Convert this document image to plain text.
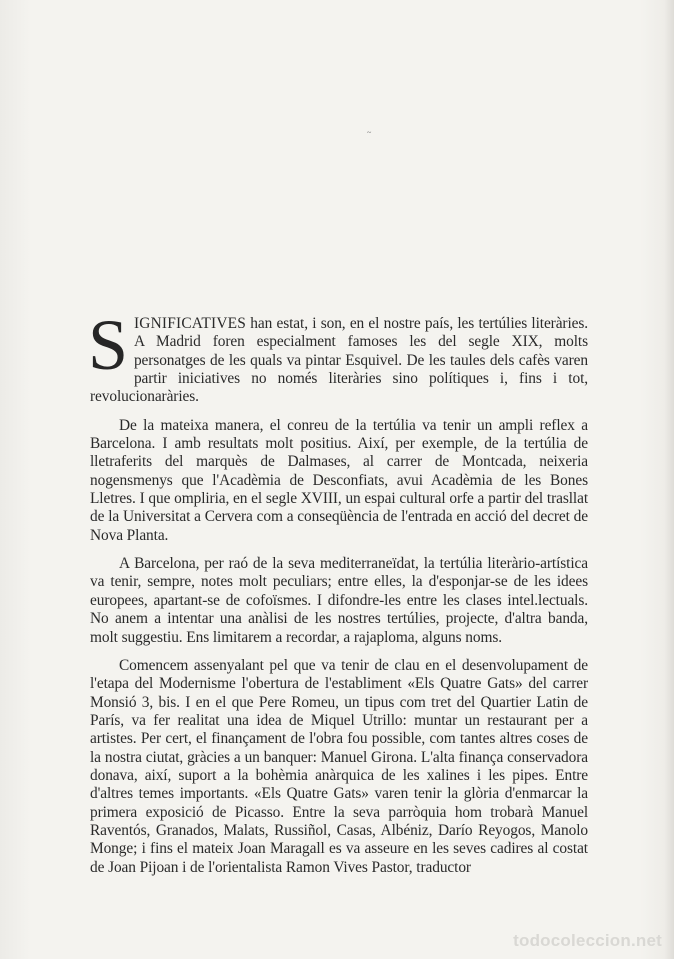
~

SIGNIFICATIVES han estat, i son, en el nostre país, les tertúlies literàries. A Madrid foren especialment famoses les del segle XIX, molts personatges de les quals va pintar Esquivel. De les taules dels cafès varen partir iniciatives no només literàries sino polítiques i, fins i tot, revolucionaràries.

De la mateixa manera, el conreu de la tertúlia va tenir un ampli reflex a Barcelona. I amb resultats molt positius. Així, per exemple, de la tertúlia de lletraferits del marquès de Dalmases, al carrer de Montcada, neixeria nogensmenys que l'Acadèmia de Desconfiats, avui Acadèmia de les Bones Lletres. I que ompliria, en el segle XVIII, un espai cultural orfe a partir del trasllat de la Universitat a Cervera com a conseqüència de l'entrada en acció del decret de Nova Planta.

A Barcelona, per raó de la seva mediterraneïdat, la tertúlia literàrio-artística va tenir, sempre, notes molt peculiars; entre elles, la d'esponjar-se de les idees europees, apartant-se de cofoïsmes. I difondre-les entre les clases intel.lectuals. No anem a intentar una anàlisi de les nostres tertúlies, projecte, d'altra banda, molt suggestiu. Ens limitarem a recordar, a rajaploma, alguns noms.

Comencem assenyalant pel que va tenir de clau en el desenvolupament de l'etapa del Modernisme l'obertura de l'establiment «Els Quatre Gats» del carrer Monsió 3, bis. I en el que Pere Romeu, un tipus com tret del Quartier Latin de París, va fer realitat una idea de Miquel Utrillo: muntar un restaurant per a artistes. Per cert, el finançament de l'obra fou possible, com tantes altres coses de la nostra ciutat, gràcies a un banquer: Manuel Girona. L'alta finança conservadora donava, així, suport a la bohèmia anàrquica de les xalines i les pipes. Entre d'altres temes importants. «Els Quatre Gats» varen tenir la glòria d'enmarcar la primera exposició de Picasso. Entre la seva parròquia hom trobarà Manuel Raventós, Granados, Malats, Russiñol, Casas, Albéniz, Darío Reyogos, Manolo Monge; i fins el mateix Joan Maragall es va asseure en les seves cadires al costat de Joan Pijoan i de l'orientalista Ramon Vives Pastor, traductor

todocoleccion.net
